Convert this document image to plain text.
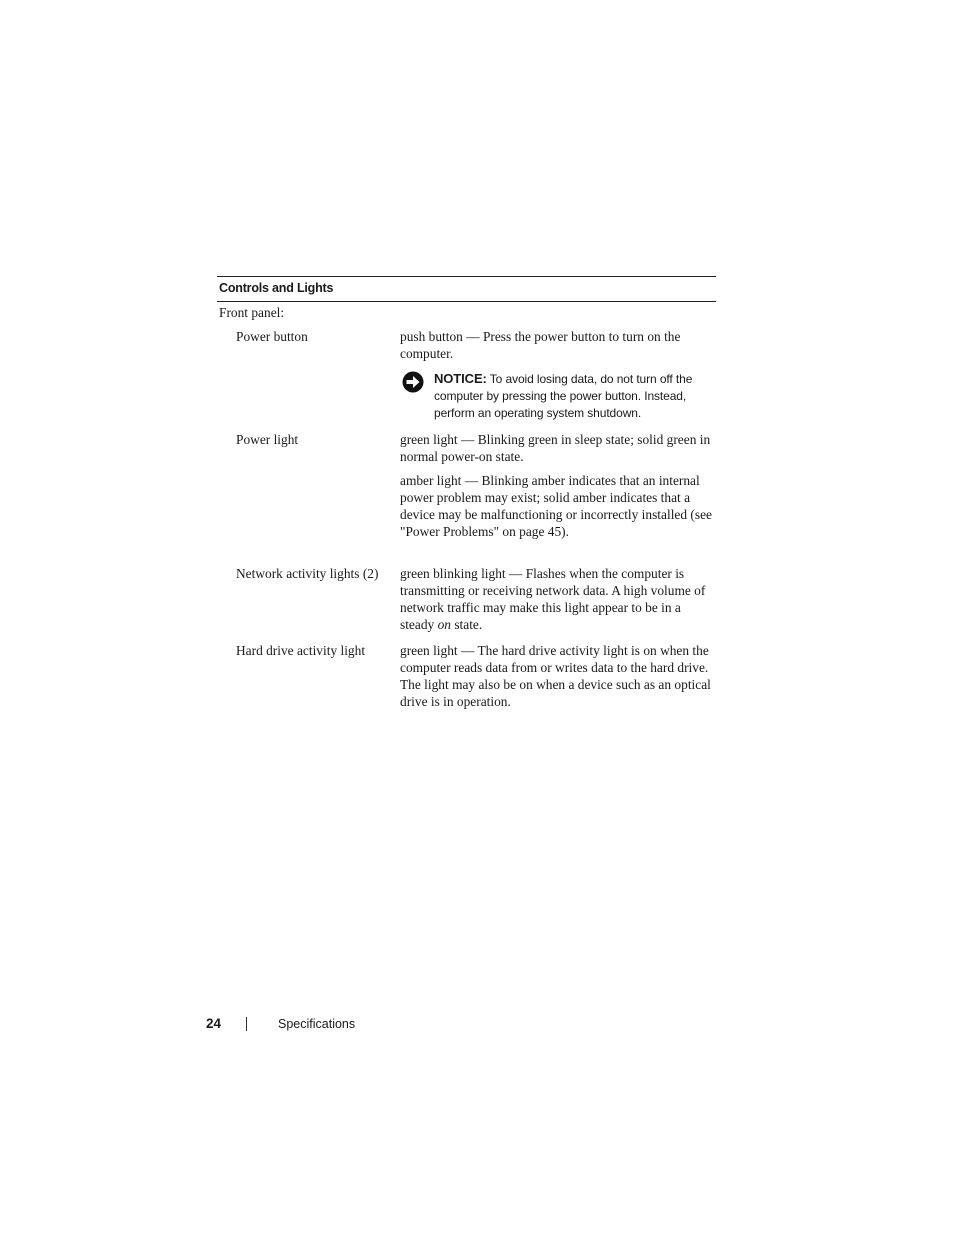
Controls and Lights
Front panel:
Power button	push button — Press the power button to turn on the computer.

NOTICE: To avoid losing data, do not turn off the computer by pressing the power button. Instead, perform an operating system shutdown.
Power light	green light — Blinking green in sleep state; solid green in normal power-on state.

amber light — Blinking amber indicates that an internal power problem may exist; solid amber indicates that a device may be malfunctioning or incorrectly installed (see "Power Problems" on page 45).

Network activity lights (2)	green blinking light — Flashes when the computer is transmitting or receiving network data. A high volume of network traffic may make this light appear to be in a steady on state.

Hard drive activity light	green light — The hard drive activity light is on when the computer reads data from or writes data to the hard drive. The light may also be on when a device such as an optical drive is in operation.

24	Specifications
